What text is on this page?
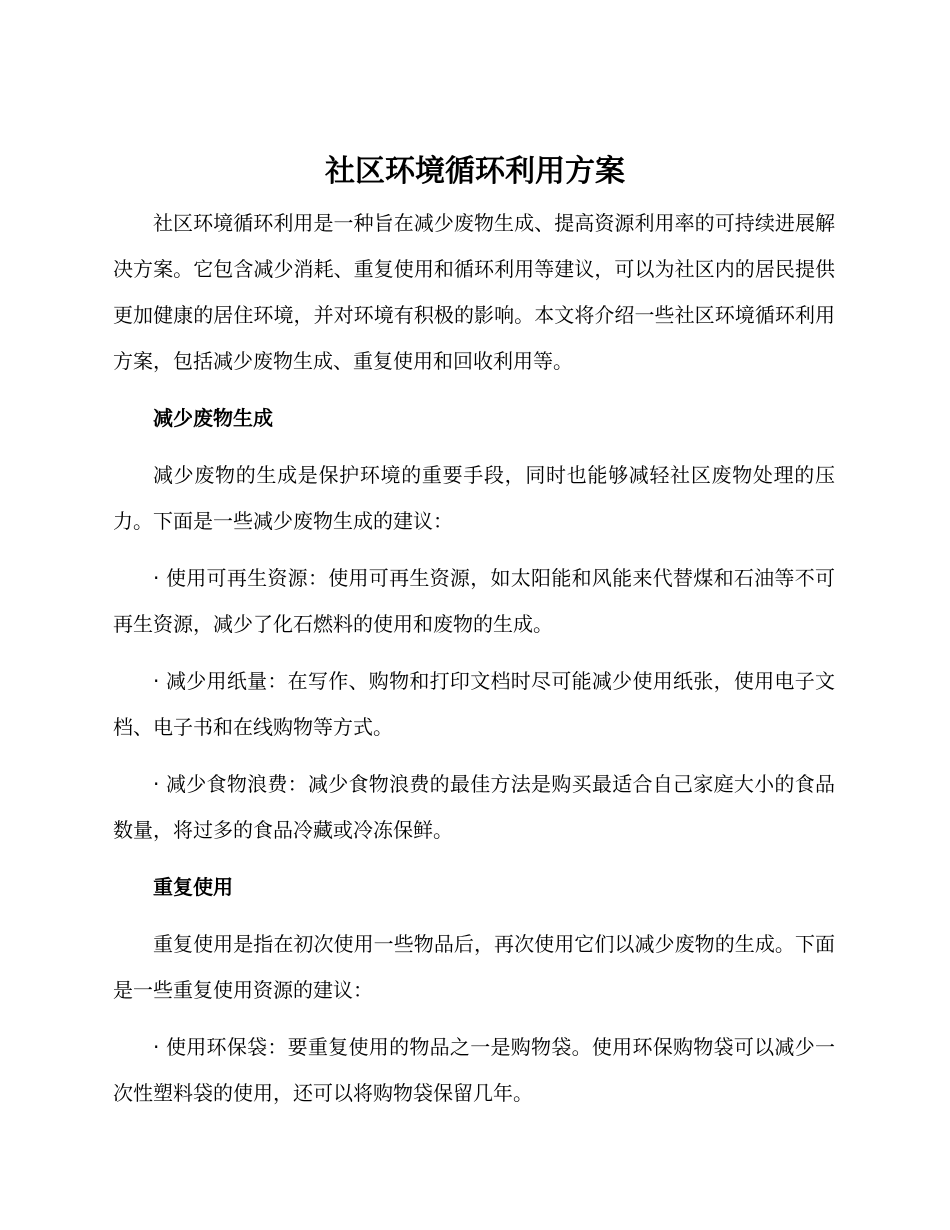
社区环境循环利用方案

社区环境循环利用是一种旨在减少废物生成、提高资源利用率的可持续进展解决方案。它包含减少消耗、重复使用和循环利用等建议，可以为社区内的居民提供更加健康的居住环境，并对环境有积极的影响。本文将介绍一些社区环境循环利用方案，包括减少废物生成、重复使用和回收利用等。

减少废物生成

减少废物的生成是保护环境的重要手段，同时也能够减轻社区废物处理的压力。下面是一些减少废物生成的建议：

· 使用可再生资源：使用可再生资源，如太阳能和风能来代替煤和石油等不可再生资源，减少了化石燃料的使用和废物的生成。

· 减少用纸量：在写作、购物和打印文档时尽可能减少使用纸张，使用电子文档、电子书和在线购物等方式。

· 减少食物浪费：减少食物浪费的最佳方法是购买最适合自己家庭大小的食品数量，将过多的食品冷藏或冷冻保鲜。

重复使用

重复使用是指在初次使用一些物品后，再次使用它们以减少废物的生成。下面是一些重复使用资源的建议：

· 使用环保袋：要重复使用的物品之一是购物袋。使用环保购物袋可以减少一次性塑料袋的使用，还可以将购物袋保留几年。
